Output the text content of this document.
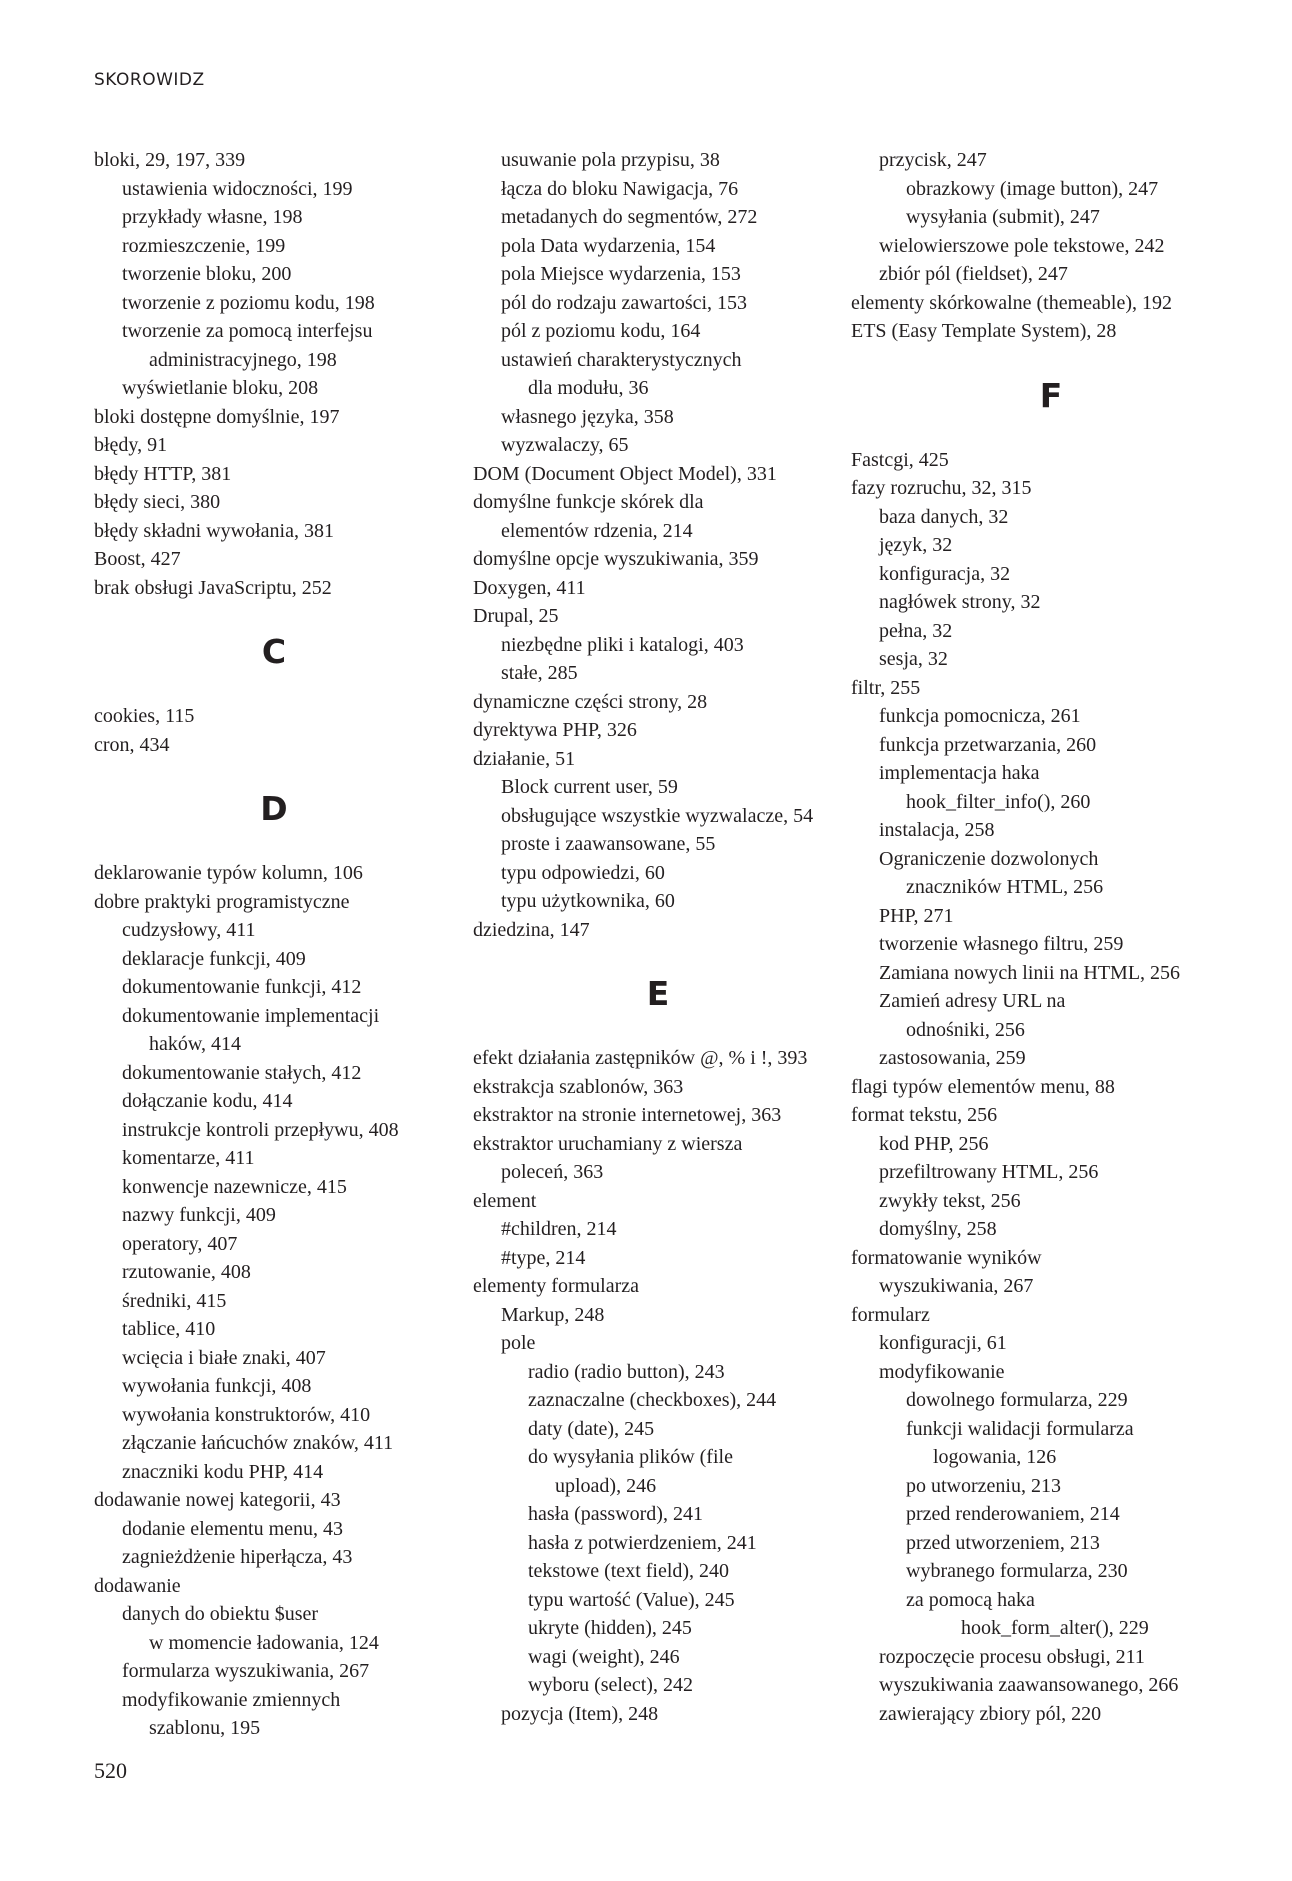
SKOROWIDZ
bloki, 29, 197, 339
ustawienia widoczności, 199
przykłady własne, 198
rozmieszczenie, 199
tworzenie bloku, 200
tworzenie z poziomu kodu, 198
tworzenie za pomocą interfejsu
administracyjnego, 198
wyświetlanie bloku, 208
bloki dostępne domyślnie, 197
błędy, 91
błędy HTTP, 381
błędy sieci, 380
błędy składni wywołania, 381
Boost, 427
brak obsługi JavaScriptu, 252
C
cookies, 115
cron, 434
D
deklarowanie typów kolumn, 106
dobre praktyki programistyczne
cudzysłowy, 411
deklaracje funkcji, 409
dokumentowanie funkcji, 412
dokumentowanie implementacji
haków, 414
dokumentowanie stałych, 412
dołączanie kodu, 414
instrukcje kontroli przepływu, 408
komentarze, 411
konwencje nazewnicze, 415
nazwy funkcji, 409
operatory, 407
rzutowanie, 408
średniki, 415
tablice, 410
wcięcia i białe znaki, 407
wywołania funkcji, 408
wywołania konstruktorów, 410
złączanie łańcuchów znaków, 411
znaczniki kodu PHP, 414
dodawanie nowej kategorii, 43
dodanie elementu menu, 43
zagnieżdżenie hiperłącza, 43
dodawanie
danych do obiektu $user
w momencie ładowania, 124
formularza wyszukiwania, 267
modyfikowanie zmiennych
szablonu, 195
usuwanie pola przypisu, 38
łącza do bloku Nawigacja, 76
metadanych do segmentów, 272
pola Data wydarzenia, 154
pola Miejsce wydarzenia, 153
pól do rodzaju zawartości, 153
pól z poziomu kodu, 164
ustawień charakterystycznych
dla modułu, 36
własnego języka, 358
wyzwalaczy, 65
DOM (Document Object Model), 331
domyślne funkcje skórek dla
elementów rdzenia, 214
domyślne opcje wyszukiwania, 359
Doxygen, 411
Drupal, 25
niezbędne pliki i katalogi, 403
stałe, 285
dynamiczne części strony, 28
dyrektywa PHP, 326
działanie, 51
Block current user, 59
obsługujące wszystkie wyzwalacze, 54
proste i zaawansowane, 55
typu odpowiedzi, 60
typu użytkownika, 60
dziedzina, 147
E
efekt działania zastępników @, % i !, 393
ekstrakcja szablonów, 363
ekstraktor na stronie internetowej, 363
ekstraktor uruchamiany z wiersza
poleceń, 363
element
#children, 214
#type, 214
elementy formularza
Markup, 248
pole
radio (radio button), 243
zaznaczalne (checkboxes), 244
daty (date), 245
do wysyłania plików (file
upload), 246
hasła (password), 241
hasła z potwierdzeniem, 241
tekstowe (text field), 240
typu wartość (Value), 245
ukryte (hidden), 245
wagi (weight), 246
wyboru (select), 242
pozycja (Item), 248
przycisk, 247
obrazkowy (image button), 247
wysyłania (submit), 247
wielowierszowe pole tekstowe, 242
zbiór pól (fieldset), 247
elementy skórkowalne (themeable), 192
ETS (Easy Template System), 28
F
Fastcgi, 425
fazy rozruchu, 32, 315
baza danych, 32
język, 32
konfiguracja, 32
nagłówek strony, 32
pełna, 32
sesja, 32
filtr, 255
funkcja pomocnicza, 261
funkcja przetwarzania, 260
implementacja haka
hook_filter_info(), 260
instalacja, 258
Ograniczenie dozwolonych
znaczników HTML, 256
PHP, 271
tworzenie własnego filtru, 259
Zamiana nowych linii na HTML, 256
Zamień adresy URL na
odnośniki, 256
zastosowania, 259
flagi typów elementów menu, 88
format tekstu, 256
kod PHP, 256
przefiltrowany HTML, 256
zwykły tekst, 256
domyślny, 258
formatowanie wyników
wyszukiwania, 267
formularz
konfiguracji, 61
modyfikowanie
dowolnego formularza, 229
funkcji walidacji formularza
logowania, 126
po utworzeniu, 213
przed renderowaniem, 214
przed utworzeniem, 213
wybranego formularza, 230
za pomocą haka
hook_form_alter(), 229
rozpoczęcie procesu obsługi, 211
wyszukiwania zaawansowanego, 266
zawierający zbiory pól, 220
520
